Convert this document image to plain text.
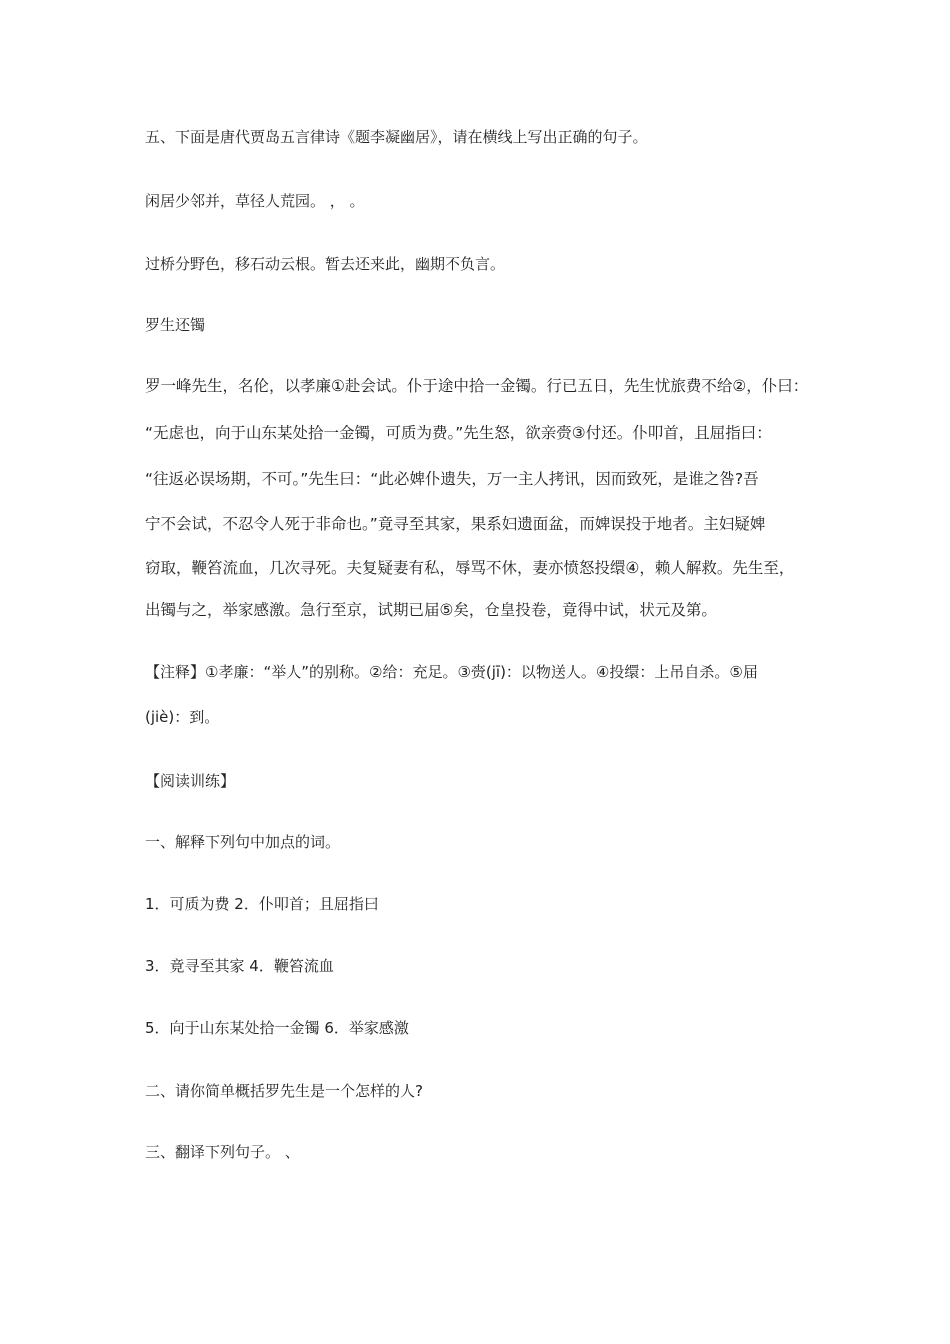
五、下面是唐代贾岛五言律诗《题李凝幽居》，请在横线上写出正确的句子。
闲居少邻并，草径人荒园。 ， 。
过桥分野色，移石动云根。暂去还来此，幽期不负言。
罗生还镯
罗一峰先生，名伦，以孝廉①赴会试。仆于途中拾一金镯。行已五日，先生忧旅费不给②，仆曰：
“无虑也，向于山东某处拾一金镯，可质为费。”先生怒，欲亲赍③付还。仆叩首，且屈指曰：
“往返必误场期，不可。”先生曰：“此必婢仆遗失，万一主人拷讯，因而致死，是谁之咎?吾
宁不会试，不忍令人死于非命也。”竟寻至其家，果系妇遗面盆，而婢误投于地者。主妇疑婢
窃取，鞭笞流血，几次寻死。夫复疑妻有私，辱骂不休，妻亦愤怒投缳④，赖人解救。先生至，
出镯与之，举家感激。急行至京，试期已届⑤矣，仓皇投卷，竟得中试，状元及第。
【注释】①孝廉：“举人”的别称。②给：充足。③赍(jī)：以物送人。④投缳：上吊自杀。⑤届
(jiè)：到。
【阅读训练】
一、解释下列句中加点的词。
1．可质为费 2．仆叩首；且屈指曰
3．竟寻至其家 4．鞭笞流血
5．向于山东某处拾一金镯 6．举家感激
二、请你简单概括罗先生是一个怎样的人?
三、翻译下列句子。 、
